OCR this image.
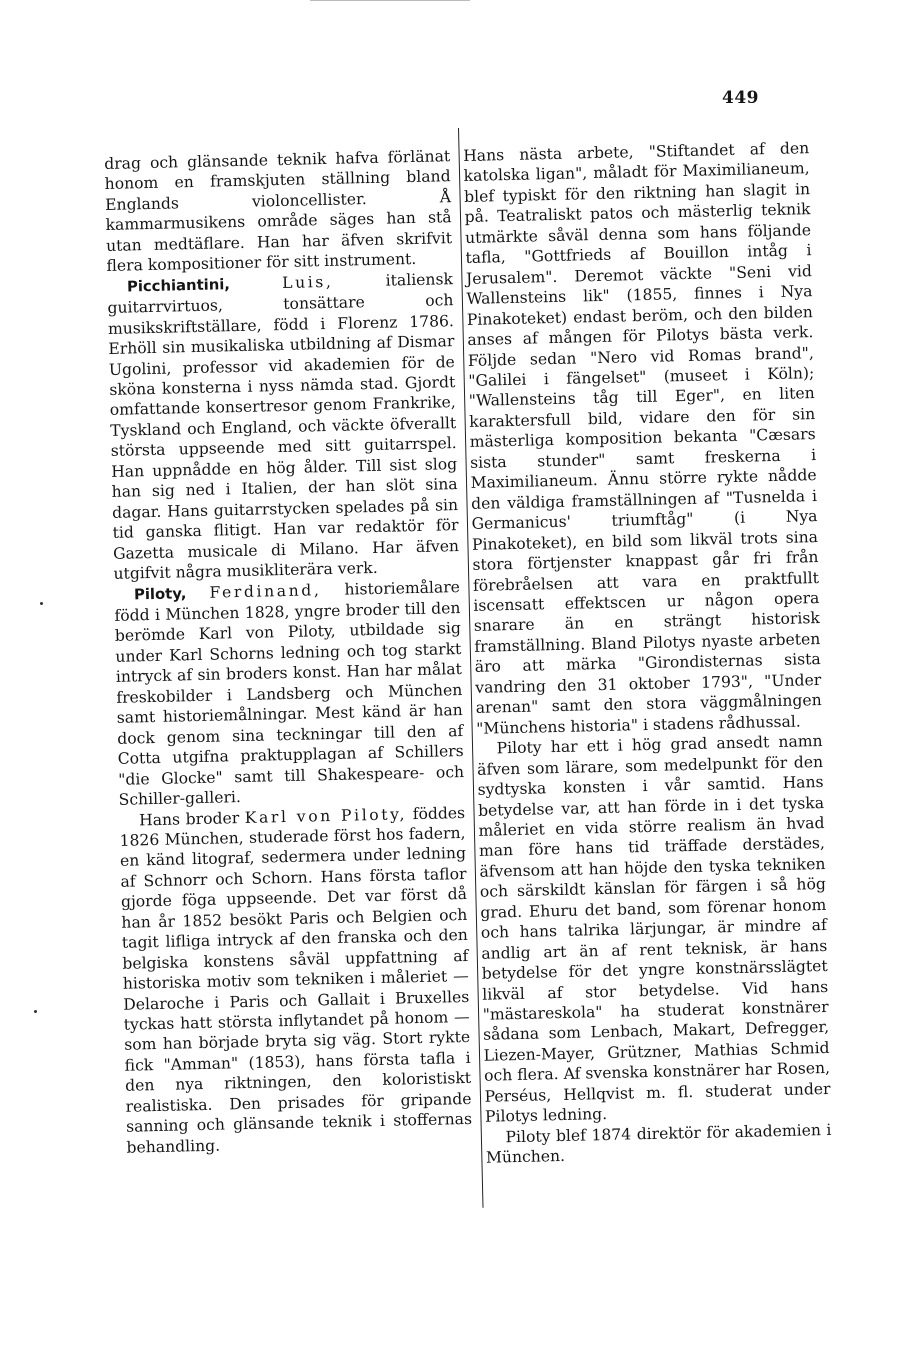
449

drag och glänsande teknik hafva förlänat honom en framskjuten ställning bland Englands violoncellister. Å kammarmusikens område säges han stå utan medtäflare. Han har äfven skrifvit flera kompositioner för sitt instrument.

Picchiantini,	Luis, italiensk guitarrvirtuos, tonsättare och musikskriftställare, född i Florenz 1786. Erhöll sin musikaliska utbildning af Dismar Ugolini, professor vid akademien för de sköna konsterna i nyss nämda stad. Gjordt omfattande konsertresor genom Frankrike, Tyskland och England, och väckte öfverallt största uppseende med sitt guitarrspel. Han uppnådde en hög ålder. Till sist slog han sig ned i Italien, der han slöt sina dagar. Hans guitarrstycken spelades på sin tid ganska flitigt. Han var redaktör för Gazetta musicale di Milano. Har äfven utgifvit några musikliterära verk.

Piloty, Ferdinand, historiemålare född i München 1828, yngre broder till den berömde Karl von Piloty, utbildade sig under Karl Schorns ledning och tog starkt intryck af sin broders konst. Han har målat freskobilder i Landsberg och München samt historiemålningar. Mest känd är han dock genom sina teckningar till den af Cotta utgifna praktupplagan af Schillers "die Glocke" samt till Shakespeare- och Schiller-galleri.

Hans broder Karl von Piloty, föddes 1826 München, studerade först hos fadern, en känd litograf, sedermera under ledning af Schnorr och Schorn. Hans första taflor gjorde föga uppseende. Det var först då han år 1852 besökt Paris och Belgien och tagit lifliga intryck af den franska och den belgiska konstens såväl uppfattning af historiska motiv som tekniken i måleriet — Delaroche i Paris och Gallait i Bruxelles tyckas hatt största inflytandet på honom — som han började bryta sig väg. Stort rykte fick "Amman" (1853), hans första tafla i den nya riktningen, den koloristiskt realistiska. Den prisades för gripande sanning och glänsande teknik i stoffernas behandling.

Hans nästa arbete, "Stiftandet af den katolska ligan", måladt för Maximilianeum, blef typiskt för den riktning han slagit in på. Teatraliskt patos och mästerlig teknik utmärkte såväl denna som hans följande tafla, "Gottfrieds af Bouillon intåg i Jerusalem". Deremot väckte "Seni vid Wallensteins lik" (1855, finnes i Nya Pinakoteket) endast beröm, och den bilden anses af mången för Pilotys bästa verk. Följde sedan "Nero vid Romas brand", "Galilei i fängelset" (museet i Köln); "Wallensteins tåg till Eger", en liten karaktersfull bild, vidare den för sin mästerliga komposition bekanta "Cæsars sista stunder" samt freskerna i Maximilianeum. Ännu större rykte nådde den väldiga framställningen af "Tusnelda i Germanicus' triumftåg" (i Nya Pinakoteket), en bild som likväl trots sina stora förtjenster knappast går fri från förebråelsen att vara en praktfullt iscensatt effektscen ur någon opera snarare än en strängt historisk framställning. Bland Pilotys nyaste arbeten äro att märka "Girondisternas sista vandring den 31 oktober 1793", "Under arenan" samt den stora väggmålningen "Münchens historia" i stadens rådhussal.

Piloty har ett i hög grad ansedt namn äfven som lärare, som medelpunkt för den sydtyska konsten i vår samtid. Hans betydelse var, att han förde in i det tyska måleriet en vida större realism än hvad man före hans tid träffade derstädes, äfvensom att han höjde den tyska tekniken och särskildt känslan för färgen i så hög grad. Ehuru det band, som förenar honom och hans talrika lärjungar, är mindre af andlig art än af rent teknisk, är hans betydelse för det yngre konstnärsslägtet likväl af stor betydelse. Vid hans "mästareskola" ha studerat konstnärer sådana som Lenbach, Makart, Defregger, Liezen-Mayer, Grützner, Mathias Schmid och flera. Af svenska konstnärer har Rosen, Perséus, Hellqvist m. fl. studerat under Pilotys ledning.

Piloty blef 1874 direktör för akademien i München.
